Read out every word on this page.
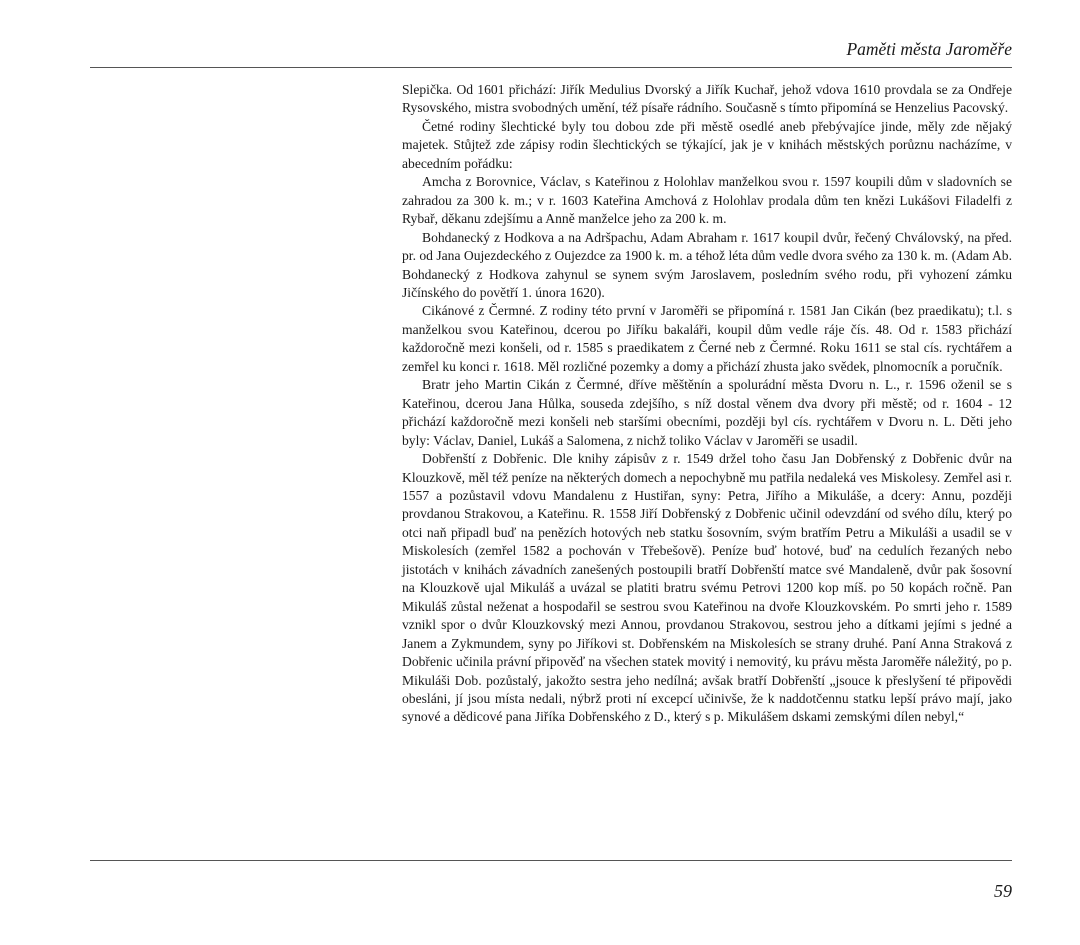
Paměti města Jaroměře

Slepička. Od 1601 přichází: Jiřík Medulius Dvorský a Jiřík Kuchař, jehož vdova 1610 provdala se za Ondřeje Rysovského, mistra svobodných umění, též písaře rádního. Současně s tímto připomíná se Henzelius Pacovský.

Četné rodiny šlechtické byly tou dobou zde při městě osedlé aneb přebývajíce jinde, měly zde nějaký majetek. Stůjtež zde zápisy rodin šlechtických se týkající, jak je v knihách městských porůznu nacházíme, v abecedním pořádku:

Amcha z Borovnice, Václav, s Kateřinou z Holohlav manželkou svou r. 1597 koupili dům v sladovních se zahradou za 300 k. m.; v r. 1603 Kateřina Amchová z Holohlav prodala dům ten knězi Lukášovi Filadelfi z Rybař, děkanu zdejšímu a Anně manželce jeho za 200 k. m.

Bohdanecký z Hodkova a na Adršpachu, Adam Abraham r. 1617 koupil dvůr, řečený Chválovský, na před. pr. od Jana Oujezdeckého z Oujezdce za 1900 k. m. a téhož léta dům vedle dvora svého za 130 k. m. (Adam Ab. Bohdanecký z Hodkova zahynul se synem svým Jaroslavem, posledním svého rodu, při vyhození zámku Jičínského do povětří 1. února 1620).

Cikánové z Čermné. Z rodiny této první v Jaroměři se připomíná r. 1581 Jan Cikán (bez praedikatu); t.l. s manželkou svou Kateřinou, dcerou po Jiříku bakaláři, koupil dům vedle ráje čís. 48. Od r. 1583 přichází každoročně mezi konšeli, od r. 1585 s praedikatem z Černé neb z Čermné. Roku 1611 se stal cís. rychtářem a zemřel ku konci r. 1618. Měl rozličné pozemky a domy a přichází zhusta jako svědek, plnomocník a poručník.

Bratr jeho Martin Cikán z Čermné, dříve měštěnín a spolurádní města Dvoru n. L., r. 1596 oženil se s Kateřinou, dcerou Jana Hůlka, souseda zdejšího, s níž dostal věnem dva dvory při městě; od r. 1604 - 12 přichází každoročně mezi konšeli neb staršími obecními, později byl cís. rychtářem v Dvoru n. L. Děti jeho byly: Václav, Daniel, Lukáš a Salomena, z nichž toliko Václav v Jaroměři se usadil.

Dobřenští z Dobřenic. Dle knihy zápisův z r. 1549 držel toho času Jan Dobřenský z Dobřenic dvůr na Klouzkově, měl též peníze na některých domech a nepochybně mu patřila nedaleká ves Miskolesy. Zemřel asi r. 1557 a pozůstavil vdovu Mandalenu z Hustiřan, syny: Petra, Jiřího a Mikuláše, a dcery: Annu, později provdanou Strakovou, a Kateřinu. R. 1558 Jiří Dobřenský z Dobřenic učinil odevzdání od svého dílu, který po otci naň připadl buď na penězích hotových neb statku šosovním, svým bratřím Petru a Mikuláši a usadil se v Miskolesích (zemřel 1582 a pochován v Třebešově). Peníze buď hotové, buď na cedulích řezaných nebo jistotách v knihách závadních zanešených postoupili bratří Dobřenští matce své Mandaleně, dvůr pak šosovní na Klouzkově ujal Mikuláš a uvázal se platiti bratru svému Petrovi 1200 kop míš. po 50 kopách ročně. Pan Mikuláš zůstal neženat a hospodařil se sestrou svou Kateřinou na dvoře Klouzkovském. Po smrti jeho r. 1589 vznikl spor o dvůr Klouzkovský mezi Annou, provdanou Strakovou, sestrou jeho a dítkami jejími s jedné a Janem a Zykmundem, syny po Jiříkovi st. Dobřenském na Miskolesích se strany druhé. Paní Anna Straková z Dobřenic učinila právní připověď na všechen statek movitý i nemovitý, ku právu města Jaroměře náležitý, po p. Mikuláši Dob. pozůstalý, jakožto sestra jeho nedílná; avšak bratří Dobřenští „jsouce k přeslyšení té připovědi obesláni, jí jsou místa nedali, nýbrž proti ní excepcí učinivše, že k naddotčennu statku lepší právo mají, jako synové a dědicové pana Jiříka Dobřenského z D., který s p. Mikulášem dskami zemskými dílen nebyl,“

59
